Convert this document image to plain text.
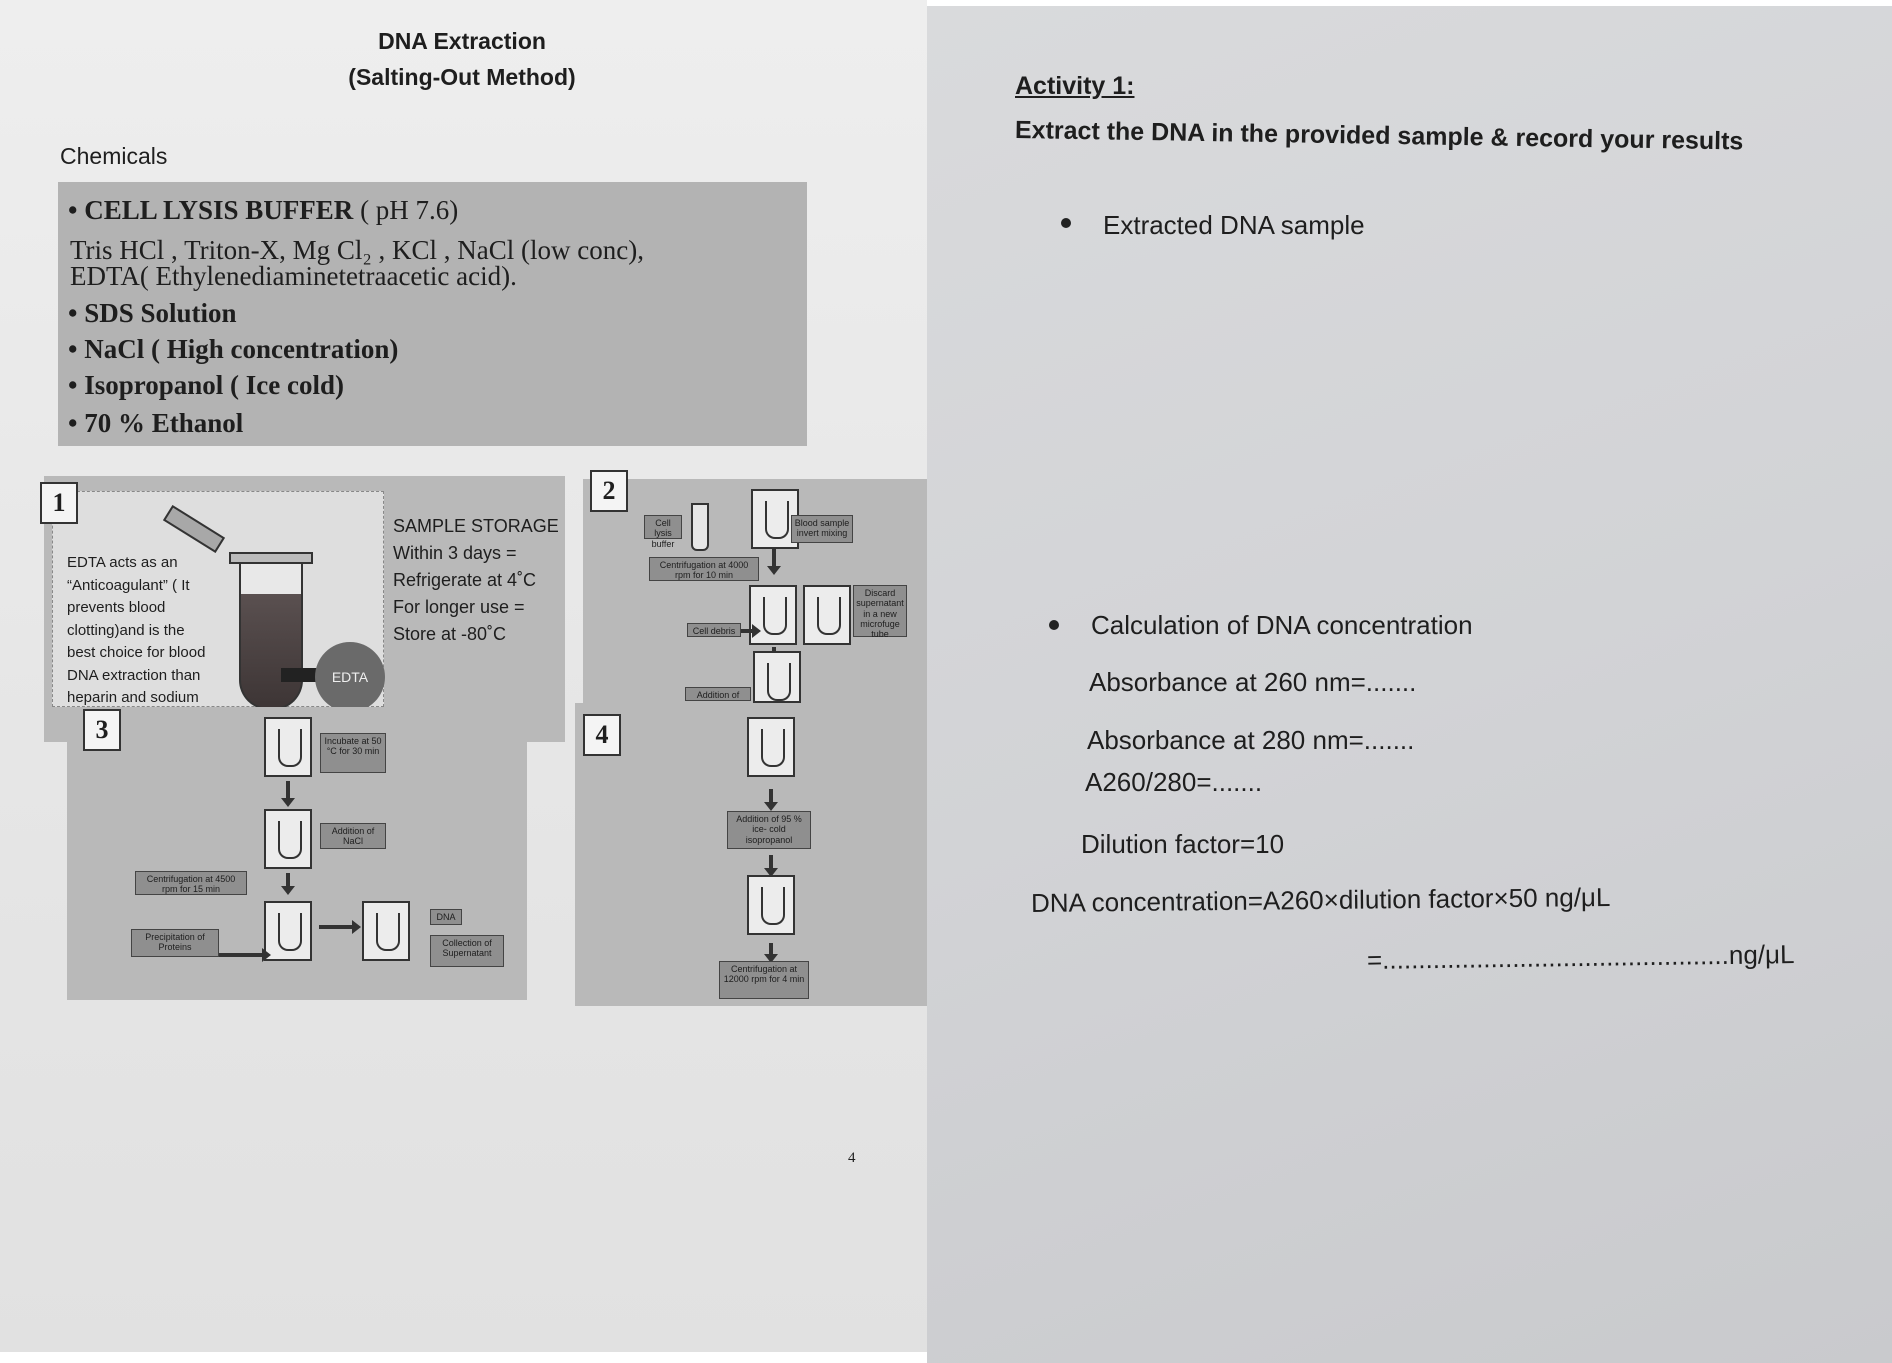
DNA Extraction
(Salting-Out Method)
Chemicals
• CELL LYSIS BUFFER ( pH 7.6)
Tris HCl , Triton-X, Mg Cl₂ , KCl , NaCl (low conc),
EDTA( Ethylenediaminetetraacetic acid).
• SDS Solution
• NaCl ( High concentration)
• Isopropanol ( Ice cold)
• 70 % Ethanol
EDTA
EDTA acts as an
“Anticoagulant” ( It
prevents blood
clotting)and is the
best choice for blood
DNA extraction than
heparin and sodium
SAMPLE STORAGE
Within 3 days =
Refrigerate at 4˚C
For longer use =
Store at -80˚C
1
Cell lysis buffer
Blood sample invert mixing
Centrifugation at 4000 rpm for 10 min
Discard supernatant in a new microfuge tube
Cell debris
Addition of
2
Incubate at 50 °C for 30 min
Addition of NaCl
Centrifugation at 4500 rpm for 15 min
Precipitation of Proteins
DNA
Collection of Supernatant
3
Addition of 95 % ice- cold isopropanol
Centrifugation at 12000 rpm for 4 min
4
4
Activity 1:
Extract the DNA in the provided sample & record your results
Extracted DNA sample
Calculation of DNA concentration
Absorbance at 260 nm=.......
Absorbance at 280 nm=.......
A260/280=.......
Dilution factor=10
DNA concentration=A260×dilution factor×50 ng/μL
=................................................ng/μL
